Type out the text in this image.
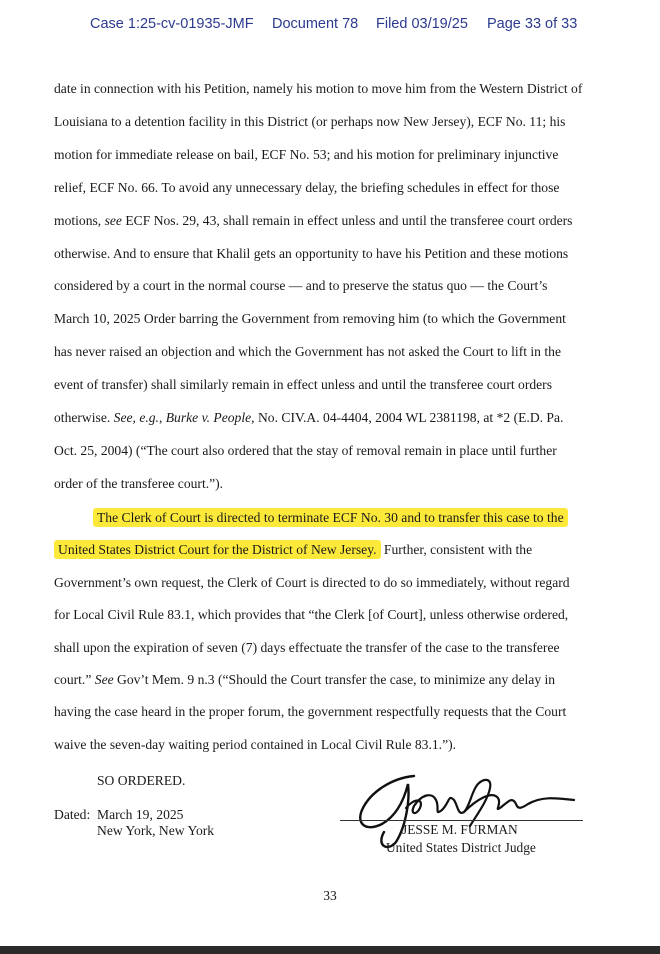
Case 1:25-cv-01935-JMF Document 78 Filed 03/19/25 Page 33 of 33
date in connection with his Petition, namely his motion to move him from the Western District of
Louisiana to a detention facility in this District (or perhaps now New Jersey), ECF No. 11; his
motion for immediate release on bail, ECF No. 53; and his motion for preliminary injunctive
relief, ECF No. 66. To avoid any unnecessary delay, the briefing schedules in effect for those
motions, see ECF Nos. 29, 43, shall remain in effect unless and until the transferee court orders
otherwise. And to ensure that Khalil gets an opportunity to have his Petition and these motions
considered by a court in the normal course — and to preserve the status quo — the Court’s
March 10, 2025 Order barring the Government from removing him (to which the Government
has never raised an objection and which the Government has not asked the Court to lift in the
event of transfer) shall similarly remain in effect unless and until the transferee court orders
otherwise. See, e.g., Burke v. People, No. CIV.A. 04-4404, 2004 WL 2381198, at *2 (E.D. Pa.
Oct. 25, 2004) (“The court also ordered that the stay of removal remain in place until further
order of the transferee court.”).
The Clerk of Court is directed to terminate ECF No. 30 and to transfer this case to the
United States District Court for the District of New Jersey. Further, consistent with the
Government’s own request, the Clerk of Court is directed to do so immediately, without regard
for Local Civil Rule 83.1, which provides that “the Clerk [of Court], unless otherwise ordered,
shall upon the expiration of seven (7) days effectuate the transfer of the case to the transferee
court.” See Gov’t Mem. 9 n.3 (“Should the Court transfer the case, to minimize any delay in
having the case heard in the proper forum, the government respectfully requests that the Court
waive the seven-day waiting period contained in Local Civil Rule 83.1.”).
SO ORDERED.
Dated: March 19, 2025
New York, New York	JESSE M. FURMAN
United States District Judge
33
